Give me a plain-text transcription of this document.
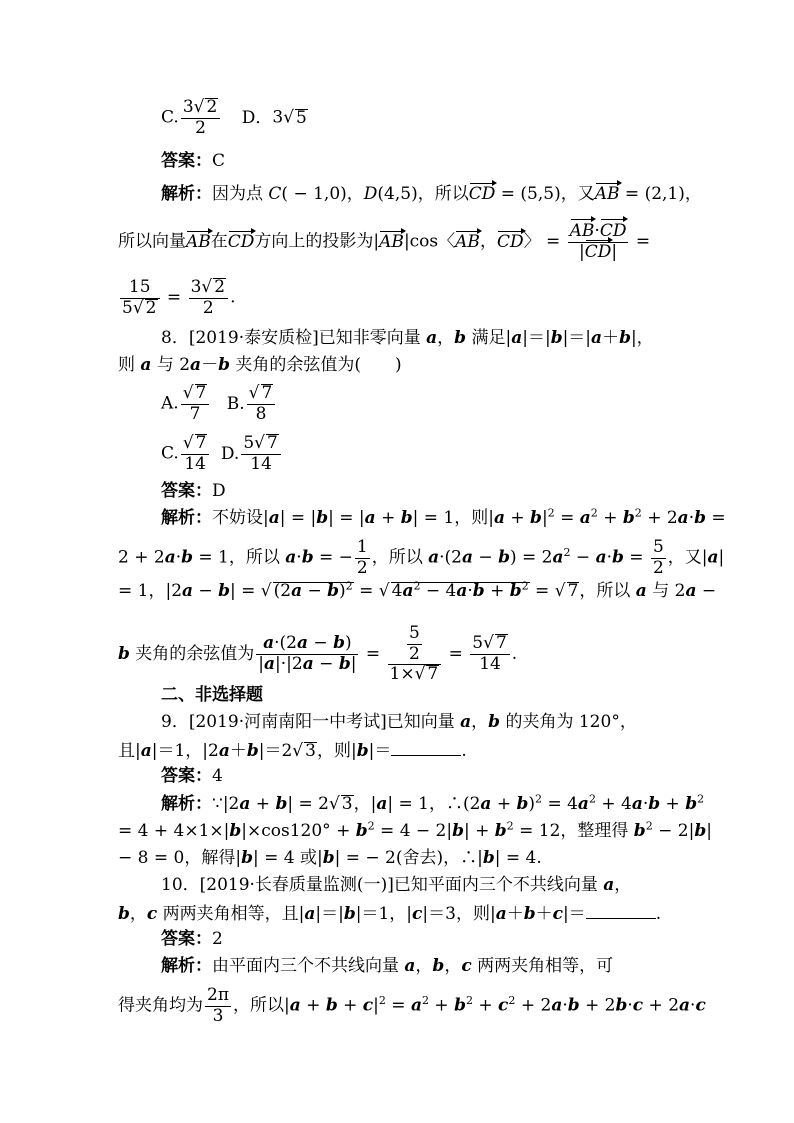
C. $\frac{3√ 2}{2}$ D．3√ 5
答案：C
解析：因为点 C( − 1,0)，D(4,5)，所以CD = (5,5)，又AB = (2,1)，
所以向量AB在CD方向上的投影为|AB|cos〈AB，CD〉 = $\frac{AB\cdot CD}{|CD|}$ =
$\frac{15}{5√ 2} = \frac{3√ 2}{2}$ .
8．[2019·泰安质检]已知非零向量 a，b 满足|a|＝|b|＝|a＋b|，
则 a 与 2a－b 夹角的余弦值为(　　)
A. $\frac{√ 7}{7} B$. $\frac{√ 7}{8}$
C. $\frac{√ 7}{14} D$. $\frac{5√ 7}{14}$
答案：D
解析：不妨设|a| = |b| = |a + b| = 1，则$|a + b|^2 = a^2 + b^2 + 2a\cdot b$ =
2 + 2a·b = 1，所以 a·b = − $\frac{1}{2}$ ，所以 $a\cdot(2a - b) = 2a^2 - a\cdot b = \frac{5}{2}$ ，又|a|
= 1，|2a − b| = √ $(2a - b)^2$ = √ $4a^2 - 4a\cdot b + b^2$ = √ 7，所以 a 与 2a −
b 夹角的余弦值为 $\frac{a\cdot(2a - b)}{|a|\cdot|2a - b|} = \frac{\frac{5}{2}}{1\times√ 7} = \frac{5√ 7}{14}$ .
二、非选择题
9．[2019·河南南阳一中考试]已知向量 a，b 的夹角为 120°，
且|a|＝1，|2a＋b|＝2√ 3，则|b|＝	.
答案：4
解析：∵|2a + b| = 2√ 3，|a| = 1，∴(2a + $b)^2 = 4a^2 + 4a\cdot b + b^2$
= $4 + 4\times 1\times|b|\times\cos 120^\circ + b^2 = 4 - 2|b| + b^2 = 12$，整理得 $b^2 - 2|b|$
− 8 = 0，解得|b| = 4 或|b| = − 2(舍去)，∴|b| = 4.
10．[2019·长春质量监测(一)]已知平面内三个不共线向量 a，
b，c 两两夹角相等，且|a|＝|b|＝1，|c|＝3，则|a＋b＋c|＝	.
答案：2
解析：由平面内三个不共线向量 a，b，c 两两夹角相等，可
得夹角均为 $\frac{2\pi}{3}$ ，所以$|a + b + c|^2 = a^2 + b^2 + c^2 + 2a\cdot b + 2b\cdot c + 2a\cdot c$
